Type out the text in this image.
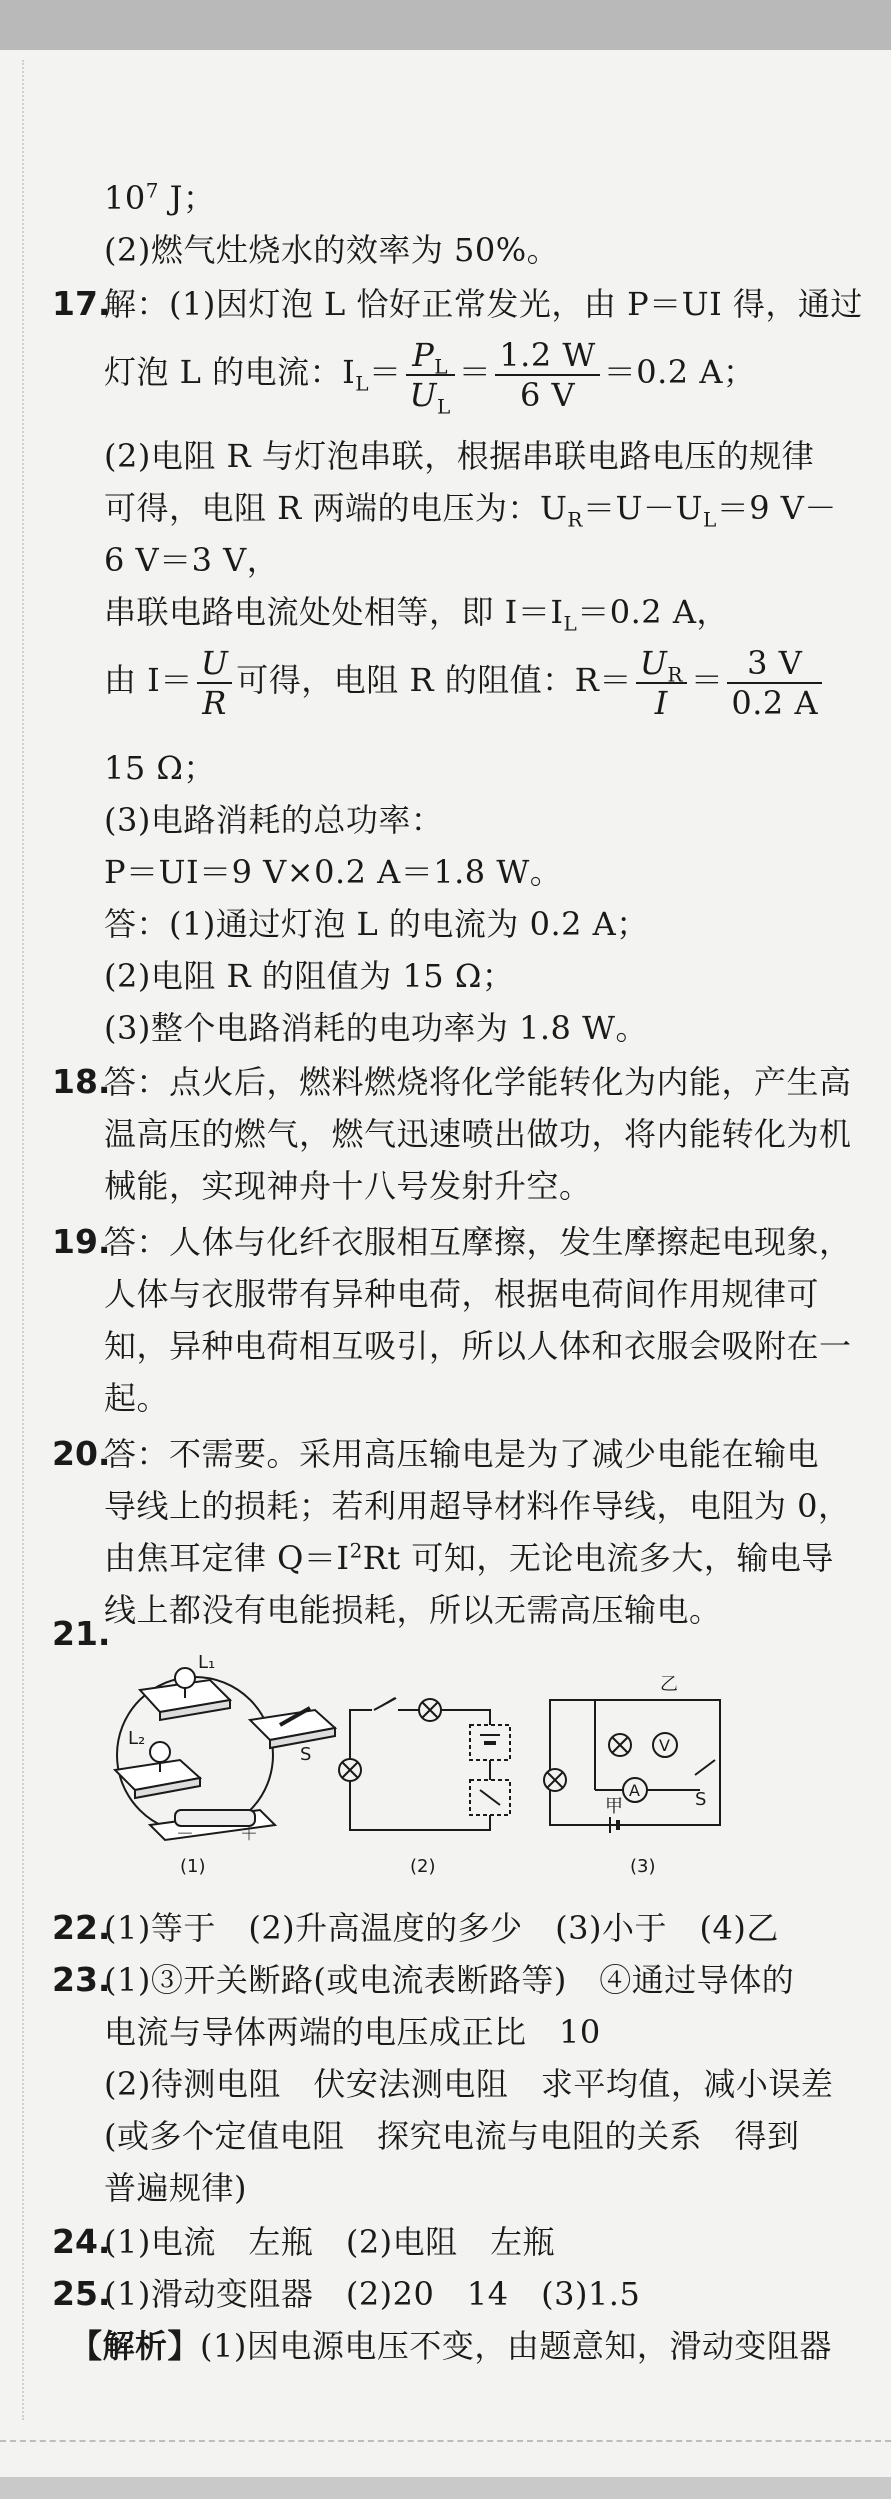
$10^7$ J；
(2)燃气灶烧水的效率为 50%。
17.
解：(1)因灯泡 L 恰好正常发光，由 P＝UI 得，通过
灯泡 L 的电流：$I_L= \frac{P_L}{U_L} = \frac{1.2 W}{6 V} =0.2$ A；
(2)电阻 R 与灯泡串联，根据串联电路电压的规律
可得，电阻 R 两端的电压为：$U_R=U-U_L=9$ V－
6 V＝3 V，
串联电路电流处处相等，即 $I=I_L=0.2$ A，
由 $I= \frac{U}{R}$ 可得，电阻 R 的阻值：$R= \frac{U_R}{I} = \frac{3 V}{0.2 A}$
15 Ω；
(3)电路消耗的总功率：
P＝UI＝9 V×0.2 A＝1.8 W。
答：(1)通过灯泡 L 的电流为 0.2 A；
(2)电阻 R 的阻值为 15 Ω；
(3)整个电路消耗的电功率为 1.8 W。
18.
答：点火后，燃料燃烧将化学能转化为内能，产生高
温高压的燃气，燃气迅速喷出做功，将内能转化为机
械能，实现神舟十八号发射升空。
19.
答：人体与化纤衣服相互摩擦，发生摩擦起电现象，
人体与衣服带有异种电荷，根据电荷间作用规律可
知，异种电荷相互吸引，所以人体和衣服会吸附在一
起。
20.
答：不需要。采用高压输电是为了减少电能在输电
导线上的损耗；若利用超导材料作导线，电阻为 0，
由焦耳定律 $Q=I^2Rt$ 可知，无论电流多大，输电导
线上都没有电能损耗，所以无需高压输电。
21.
L₁
L₂
S
－	＋
(1)	(2)
乙
甲
V
A	S
(3)
22.
(1)等于　(2)升高温度的多少　(3)小于　(4)乙
23.
(1)③开关断路(或电流表断路等)　④通过导体的
电流与导体两端的电压成正比　10
(2)待测电阻　伏安法测电阻　求平均值，减小误差
(或多个定值电阻　探究电流与电阻的关系　得到
普遍规律)
24.
(1)电流　左瓶　(2)电阻　左瓶
25.
(1)滑动变阻器　(2)20　14　(3)1.5
【解析】(1)因电源电压不变，由题意知，滑动变阻器
